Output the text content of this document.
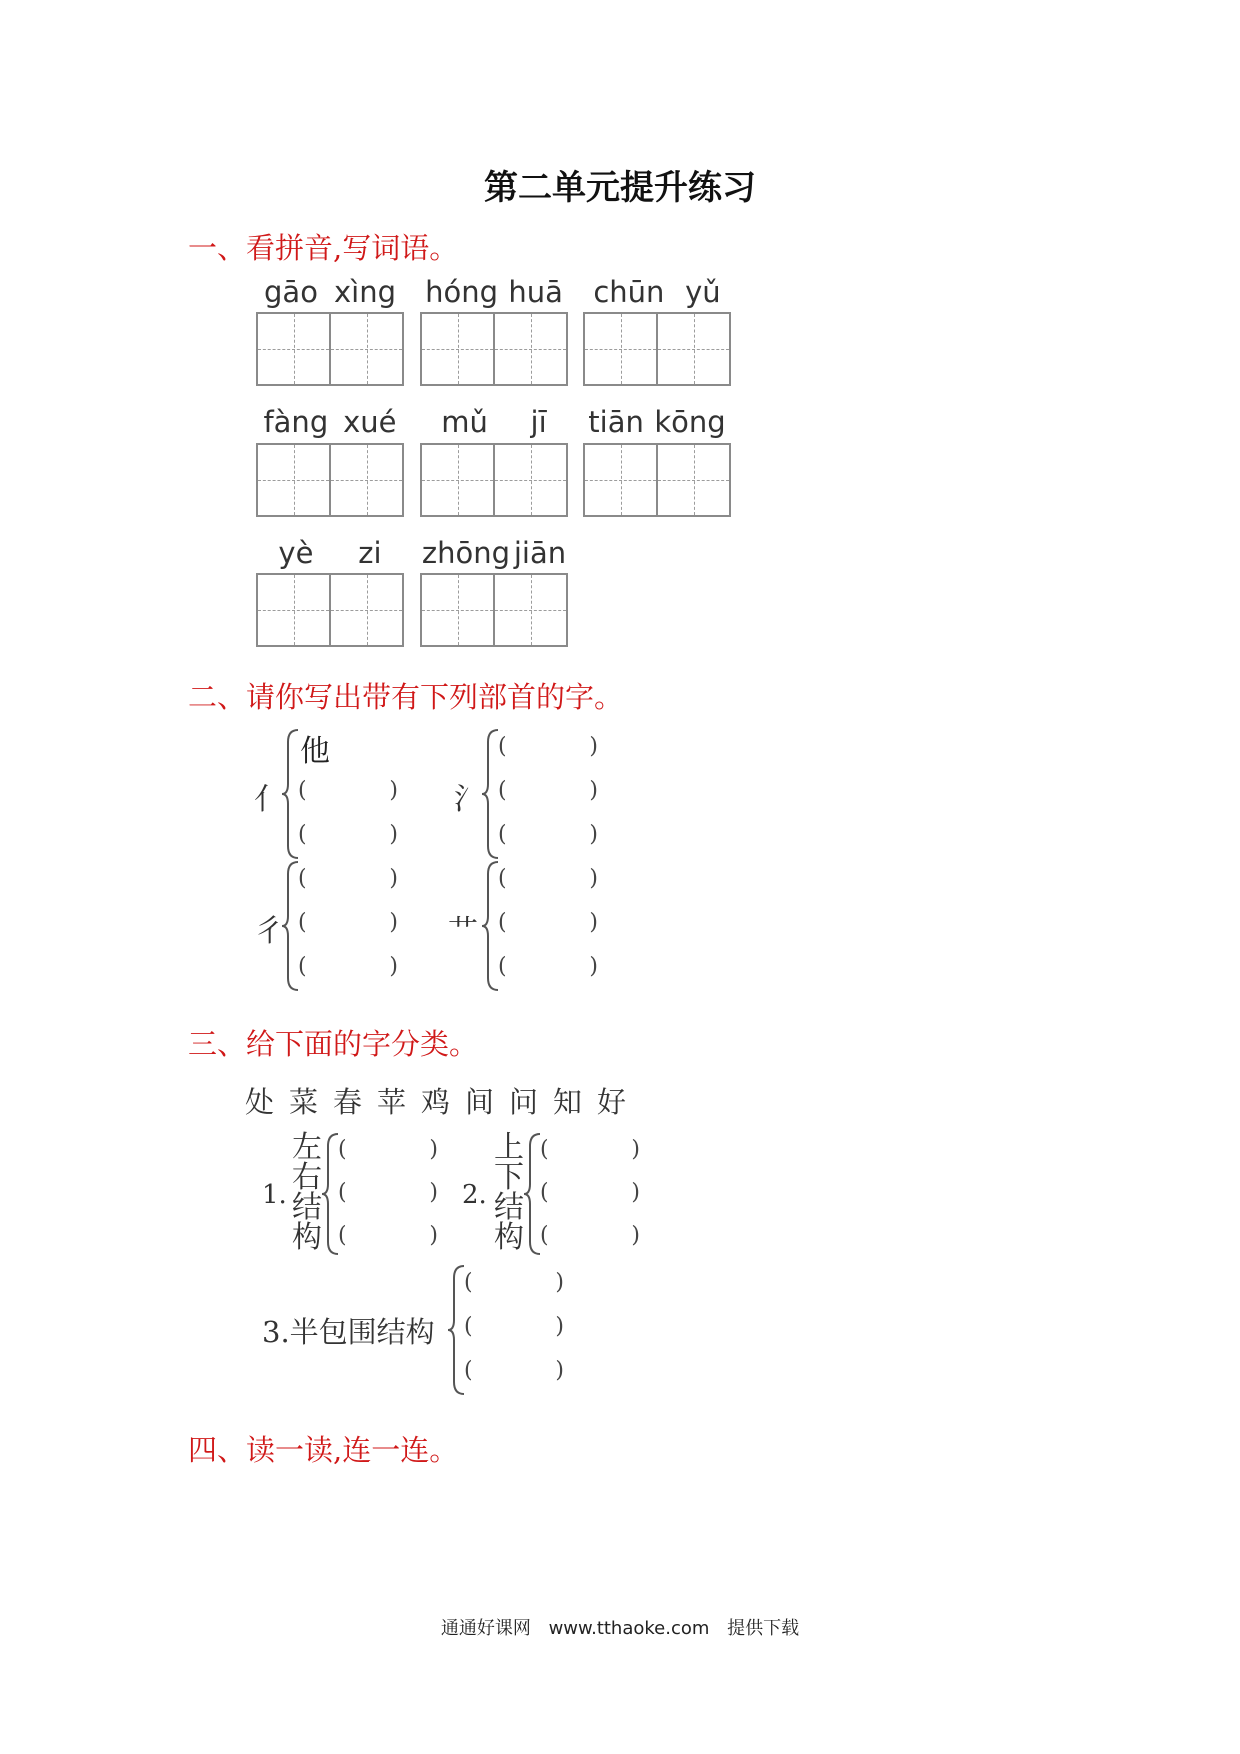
第二单元提升练习
一、看拼音,写词语。
gāo xìng hóng huā chūn yǔ
fàng xué mǔ jī tiān kōng
yè zi zhōng jiān
二、请你写出带有下列部首的字。
亻
他
(	)
(	)
氵
(	)
(	)
(	)
彳
(	)
(	)
(	)
艹
(	)
(	)
(	)
三、给下面的字分类。
处 菜 春 苹 鸡 间 问 知 好
1.
左
右
结
构
(	)
(	)
(	)
2.
上
下
结
构
(	)
(	)
(	)
3.半包围结构
(	)
(	)
(	)
四、读一读,连一连。
通通好课网 www.tthaoke.com 提供下载
